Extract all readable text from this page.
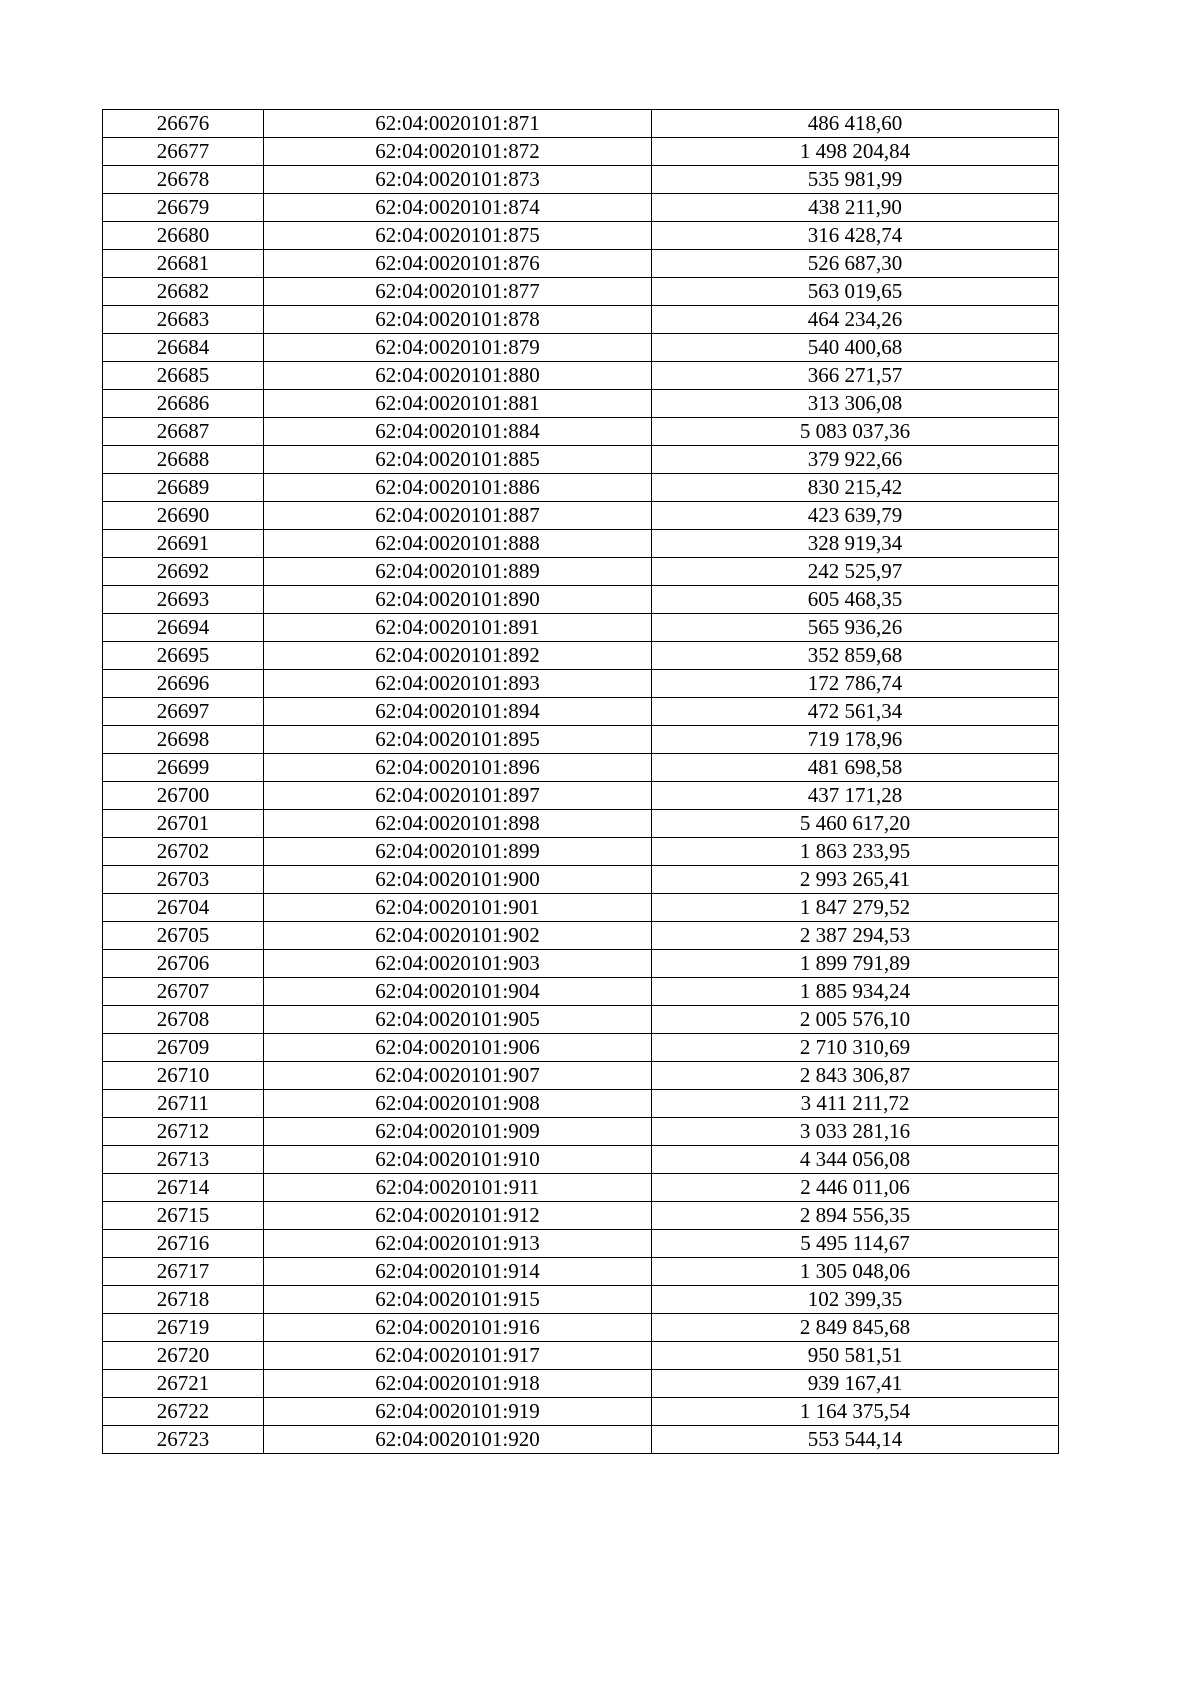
26676	62:04:0020101:871	486 418,60
26677	62:04:0020101:872	1 498 204,84
26678	62:04:0020101:873	535 981,99
26679	62:04:0020101:874	438 211,90
26680	62:04:0020101:875	316 428,74
26681	62:04:0020101:876	526 687,30
26682	62:04:0020101:877	563 019,65
26683	62:04:0020101:878	464 234,26
26684	62:04:0020101:879	540 400,68
26685	62:04:0020101:880	366 271,57
26686	62:04:0020101:881	313 306,08
26687	62:04:0020101:884	5 083 037,36
26688	62:04:0020101:885	379 922,66
26689	62:04:0020101:886	830 215,42
26690	62:04:0020101:887	423 639,79
26691	62:04:0020101:888	328 919,34
26692	62:04:0020101:889	242 525,97
26693	62:04:0020101:890	605 468,35
26694	62:04:0020101:891	565 936,26
26695	62:04:0020101:892	352 859,68
26696	62:04:0020101:893	172 786,74
26697	62:04:0020101:894	472 561,34
26698	62:04:0020101:895	719 178,96
26699	62:04:0020101:896	481 698,58
26700	62:04:0020101:897	437 171,28
26701	62:04:0020101:898	5 460 617,20
26702	62:04:0020101:899	1 863 233,95
26703	62:04:0020101:900	2 993 265,41
26704	62:04:0020101:901	1 847 279,52
26705	62:04:0020101:902	2 387 294,53
26706	62:04:0020101:903	1 899 791,89
26707	62:04:0020101:904	1 885 934,24
26708	62:04:0020101:905	2 005 576,10
26709	62:04:0020101:906	2 710 310,69
26710	62:04:0020101:907	2 843 306,87
26711	62:04:0020101:908	3 411 211,72
26712	62:04:0020101:909	3 033 281,16
26713	62:04:0020101:910	4 344 056,08
26714	62:04:0020101:911	2 446 011,06
26715	62:04:0020101:912	2 894 556,35
26716	62:04:0020101:913	5 495 114,67
26717	62:04:0020101:914	1 305 048,06
26718	62:04:0020101:915	102 399,35
26719	62:04:0020101:916	2 849 845,68
26720	62:04:0020101:917	950 581,51
26721	62:04:0020101:918	939 167,41
26722	62:04:0020101:919	1 164 375,54
26723	62:04:0020101:920	553 544,14
